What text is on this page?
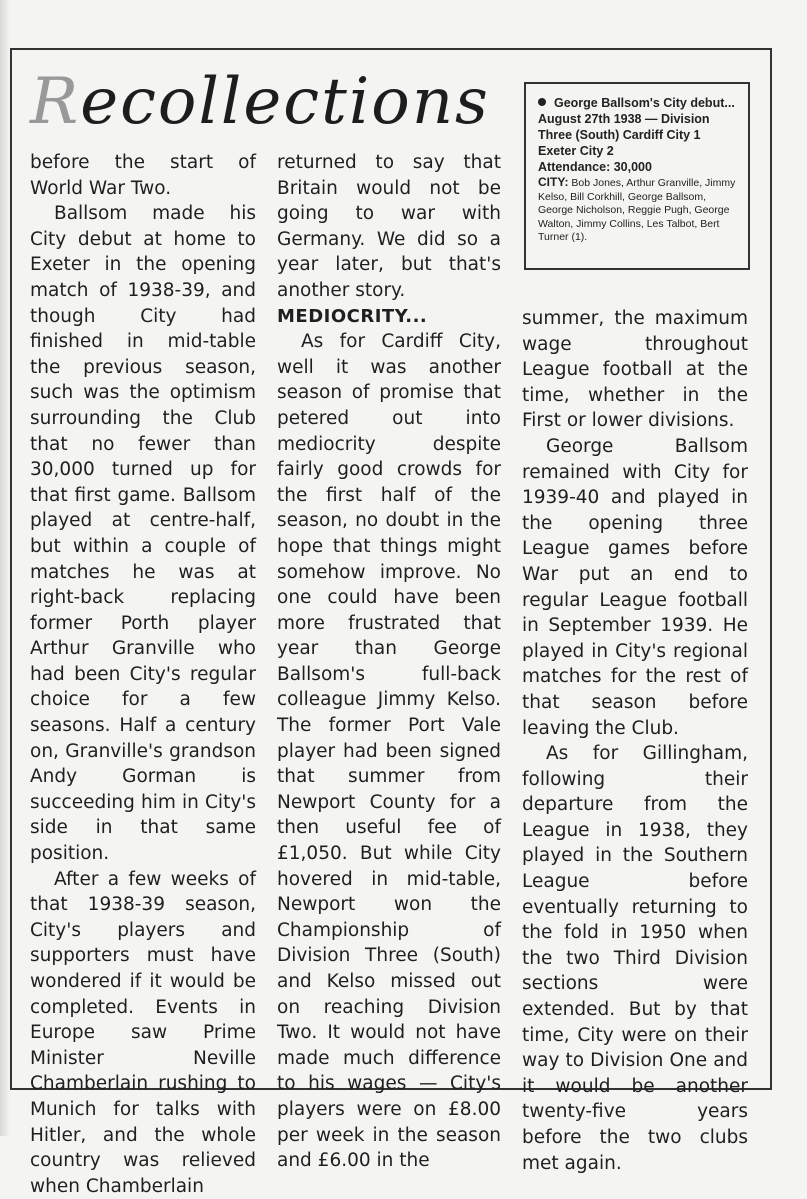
Recollections	George Ballsom's City debut...
August 27th 1938 — Division Three (South) Cardiff City 1 Exeter City 2
Attendance: 30,000
CITY: Bob Jones, Arthur Granville, Jimmy Kelso, Bill Corkhill, George Ballsom, George Nicholson, Reggie Pugh, George Walton, Jimmy Collins, Les Talbot, Bert Turner (1).

before the start of World War Two.

Ballsom made his City debut at home to Exeter in the opening match of 1938-39, and though City had finished in mid-table the previous season, such was the optimism surrounding the Club that no fewer than 30,000 turned up for that first game. Ballsom played at centre-half, but within a couple of matches he was at right-back replacing former Porth player Arthur Granville who had been City's regular choice for a few seasons. Half a century on, Granville's grandson Andy Gorman is succeeding him in City's side in that same position.

After a few weeks of that 1938-39 season, City's players and supporters must have wondered if it would be completed. Events in Europe saw Prime Minister Neville Chamberlain rushing to Munich for talks with Hitler, and the whole country was relieved when Chamberlain

returned to say that Britain would not be going to war with Germany. We did so a year later, but that's another story.

MEDIOCRITY...

As for Cardiff City, well it was another season of promise that petered out into mediocrity despite fairly good crowds for the first half of the season, no doubt in the hope that things might somehow improve. No one could have been more frustrated that year than George Ballsom's full-back colleague Jimmy Kelso. The former Port Vale player had been signed that summer from Newport County for a then useful fee of £1,050. But while City hovered in mid-table, Newport won the Championship of Division Three (South) and Kelso missed out on reaching Division Two. It would not have made much difference to his wages — City's players were on £8.00 per week in the season and £6.00 in the

summer, the maximum wage throughout League football at the time, whether in the First or lower divisions.

George Ballsom remained with City for 1939-40 and played in the opening three League games before War put an end to regular League football in September 1939. He played in City's regional matches for the rest of that season before leaving the Club.

As for Gillingham, following their departure from the League in 1938, they played in the Southern League before eventually returning to the fold in 1950 when the two Third Division sections were extended. But by that time, City were on their way to Division One and it would be another twenty-five years before the two clubs met again.
